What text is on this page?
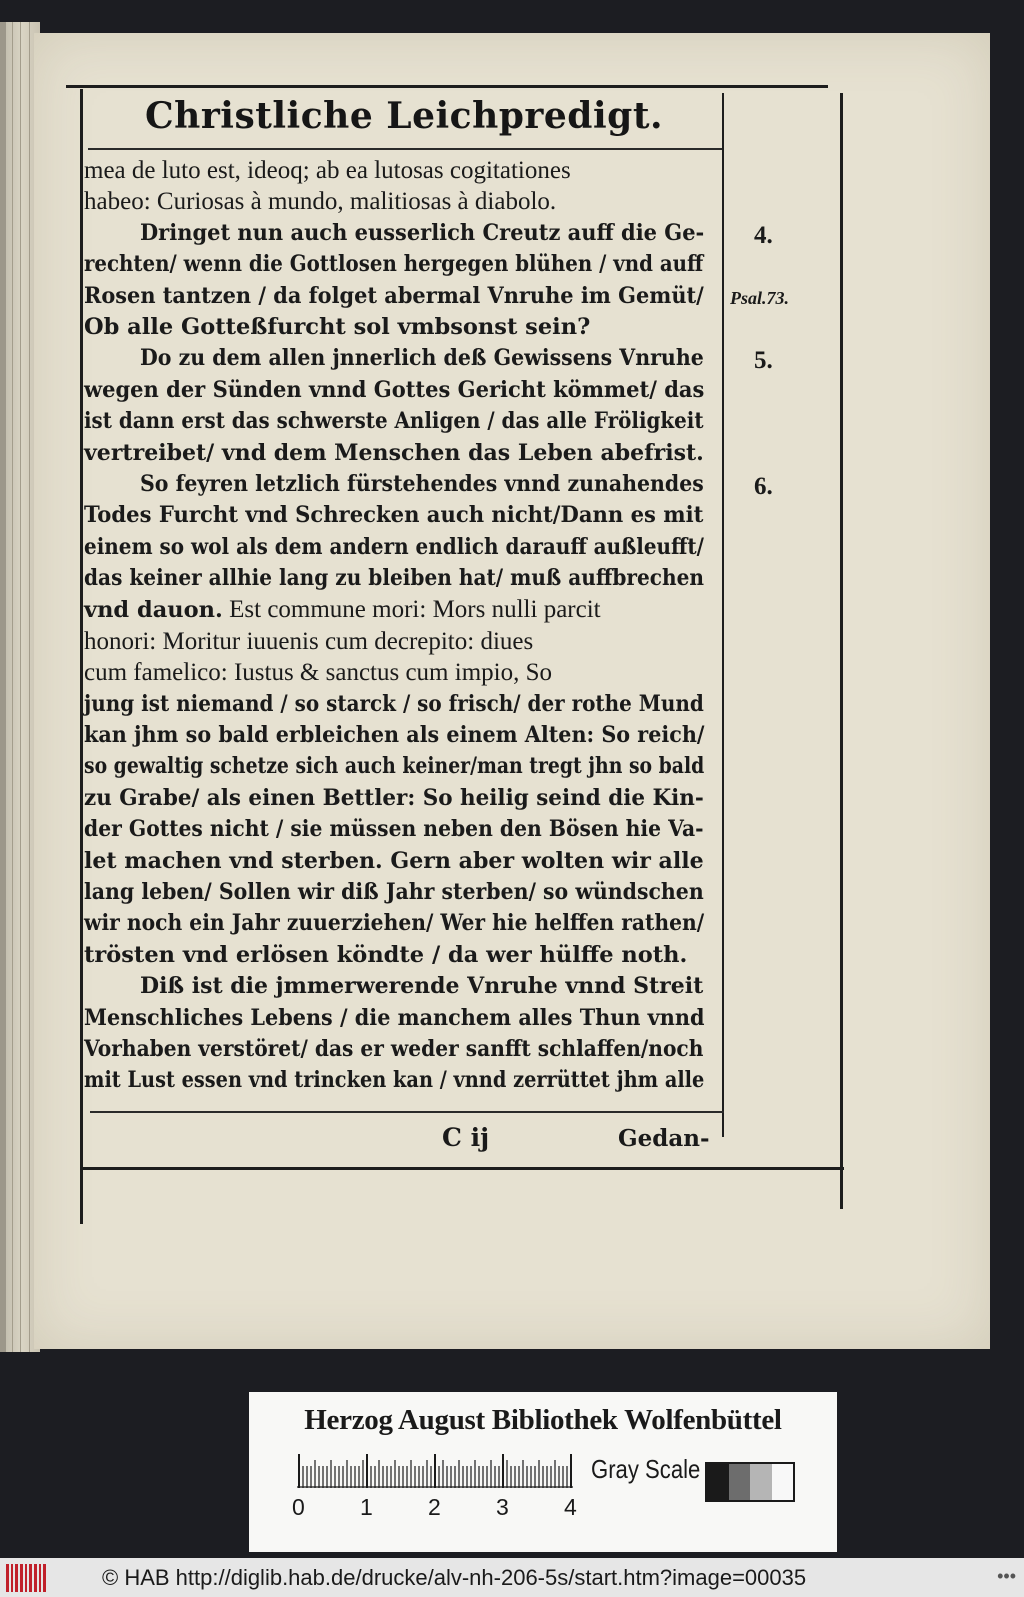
Christliche Leichpredigt.
mea de luto est, ideoq; ab ea lutosas cogitationes
habeo: Curiosas à mundo, malitiosas à diabolo.
Dringet nun auch eusserlich Creutz auff die Ge-
rechten/ wenn die Gottlosen hergegen blühen / vnd auff
Rosen tantzen / da folget abermal Vnruhe im Gemüt/
Ob alle Gotteßfurcht sol vmbsonst sein?
Do zu dem allen jnnerlich deß Gewissens Vnruhe
wegen der Sünden vnnd Gottes Gericht kömmet/ das
ist dann erst das schwerste Anligen / das alle Fröligkeit
vertreibet/ vnd dem Menschen das Leben abefrist.
So feyren letzlich fürstehendes vnnd zunahendes
Todes Furcht vnd Schrecken auch nicht/Dann es mit
einem so wol als dem andern endlich darauff außleufft/
das keiner allhie lang zu bleiben hat/ muß auffbrechen
vnd dauon. Est commune mori: Mors nulli parcit
honori: Moritur iuuenis cum decrepito: diues
cum famelico: Iustus & sanctus cum impio, So
jung ist niemand / so starck / so frisch/ der rothe Mund
kan jhm so bald erbleichen als einem Alten: So reich/
so gewaltig schetze sich auch keiner/man tregt jhn so bald
zu Grabe/ als einen Bettler: So heilig seind die Kin-
der Gottes nicht / sie müssen neben den Bösen hie Va-
let machen vnd sterben. Gern aber wolten wir alle
lang leben/ Sollen wir diß Jahr sterben/ so wündschen
wir noch ein Jahr zuuerziehen/ Wer hie helffen rathen/
trösten vnd erlösen köndte / da wer hülffe noth.
Diß ist die jmmerwerende Vnruhe vnnd Streit
Menschliches Lebens / die manchem alles Thun vnnd
Vorhaben verstöret/ das er weder sanfft schlaffen/noch
mit Lust essen vnd trincken kan / vnnd zerrüttet jhm alle
4.
Psal.73.
5.
6.
C ij	Gedan-
Herzog August Bibliothek Wolfenbüttel
0 1 2 3 4
Gray Scale
© HAB http://diglib.hab.de/drucke/alv-nh-206-5s/start.htm?image=00035	•••
